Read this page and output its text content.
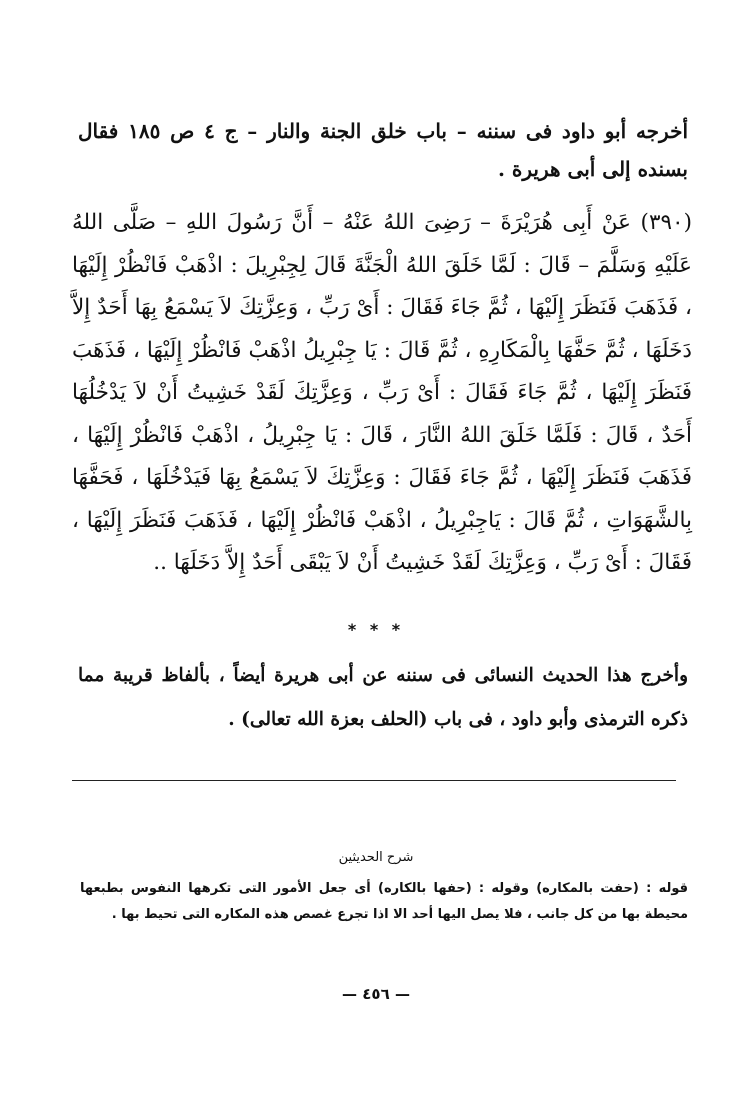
أخرجه أبو داود فى سننه – باب خلق الجنة والنار – ج ٤ ص ١٨٥ فقال بسنده إلى أبى هريرة .

(٣٩٠) عَنْ أَبِى هُرَيْرَةَ – رَضِىَ اللهُ عَنْهُ – أَنَّ رَسُولَ اللهِ – صَلَّى اللهُ عَلَيْهِ وَسَلَّمَ – قَالَ : لَمَّا خَلَقَ اللهُ الْجَنَّةَ قَالَ لِجِبْرِيلَ : اذْهَبْ فَانْظُرْ إِلَيْهَا ، فَذَهَبَ فَنَظَرَ إِلَيْهَا ، ثُمَّ جَاءَ فَقَالَ : أَىْ رَبِّ ، وَعِزَّتِكَ لاَ يَسْمَعُ بِهَا أَحَدٌ إِلاَّ دَخَلَهَا ، ثُمَّ حَفَّهَا بِالْمَكَارِهِ ، ثُمَّ قَالَ : يَا جِبْرِيلُ اذْهَبْ فَانْظُرْ إِلَيْهَا ، فَذَهَبَ فَنَظَرَ إِلَيْهَا ، ثُمَّ جَاءَ فَقَالَ : أَىْ رَبِّ ، وَعِزَّتِكَ لَقَدْ خَشِيتُ أَنْ لاَ يَدْخُلُهَا أَحَدٌ ، قَالَ : فَلَمَّا خَلَقَ اللهُ النَّارَ ، قَالَ : يَا جِبْرِيلُ ، اذْهَبْ فَانْظُرْ إِلَيْهَا ، فَذَهَبَ فَنَظَرَ إِلَيْهَا ، ثُمَّ جَاءَ فَقَالَ : وَعِزَّتِكَ لاَ يَسْمَعُ بِهَا فَيَدْخُلَهَا ، فَحَفَّهَا بِالشَّهَوَاتِ ، ثُمَّ قَالَ : يَاجِبْرِيلُ ، اذْهَبْ فَانْظُرْ إِلَيْهَا ، فَذَهَبَ فَنَظَرَ إِلَيْهَا ، فَقَالَ : أَىْ رَبِّ ، وَعِزَّتِكَ لَقَدْ خَشِيتُ أَنْ لاَ يَبْقَى أَحَدٌ إِلاَّ دَخَلَهَا ..

* * *

وأخرج هذا الحديث النسائى فى سننه عن أبى هريرة أيضاً ، بألفاظ قريبة مما ذكره الترمذى وأبو داود ، فى باب (الحلف بعزة الله تعالى) .

شرح الحديثين

قوله : (حفت بالمكاره) وقوله : (حفها بالكاره) أى جعل الأمور التى تكرهها النفوس بطبعها محيطة بها من كل جانب ، فلا يصل اليها أحد الا اذا تجرع غصص هذه المكاره التى تحيط بها .

— ٤٥٦ —
